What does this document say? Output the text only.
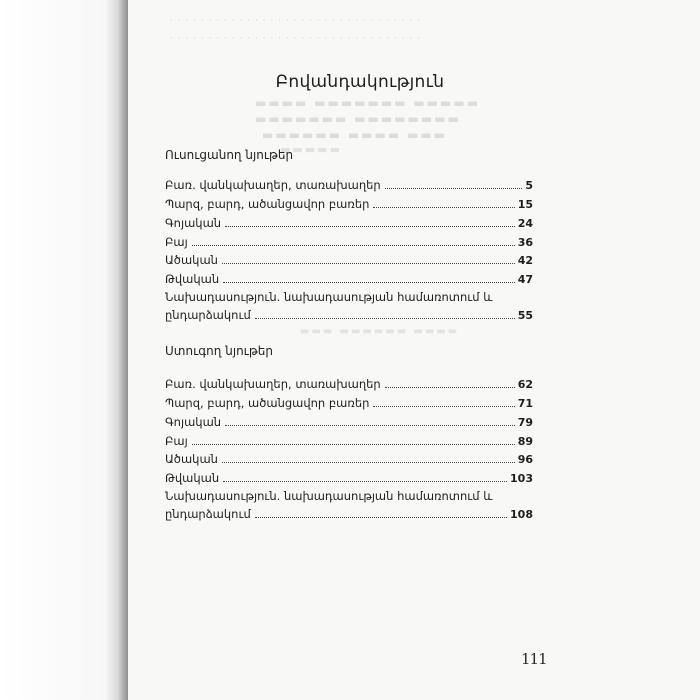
· · · · · · · · · · · · · · · · · · · · · · · · · · · · · · · · ·
· · · · · · · · · · · · · · · · · · · · · · · · · · · · · · · · ·
▬▬▬▬ ▬▬▬▬▬▬▬ ▬▬▬▬▬
▬▬▬▬▬▬▬ ▬▬▬▬▬▬▬▬
▬▬▬▬▬▬ ▬▬▬▬ ▬▬▬
▬▬▬▬▬
▬▬▬ ▬▬▬▬▬▬ ▬▬▬▬
Բովանդակություն
Ուսուցանող նյութեր
Բառ. վանկախաղեր, տառախաղեր	5
Պարզ, բարդ, ածանցավոր բառեր	15
Գոյական	24
Բայ	36
Ածական	42
Թվական	47
Նախադասություն. նախադասության համառոտում և
ընդարձակում	55
Ստուգող նյութեր
Բառ. վանկախաղեր, տառախաղեր	62
Պարզ, բարդ, ածանցավոր բառեր	71
Գոյական	79
Բայ	89
Ածական	96
Թվական	103
Նախադասություն. նախադասության համառոտում և
ընդարձակում	108
111
